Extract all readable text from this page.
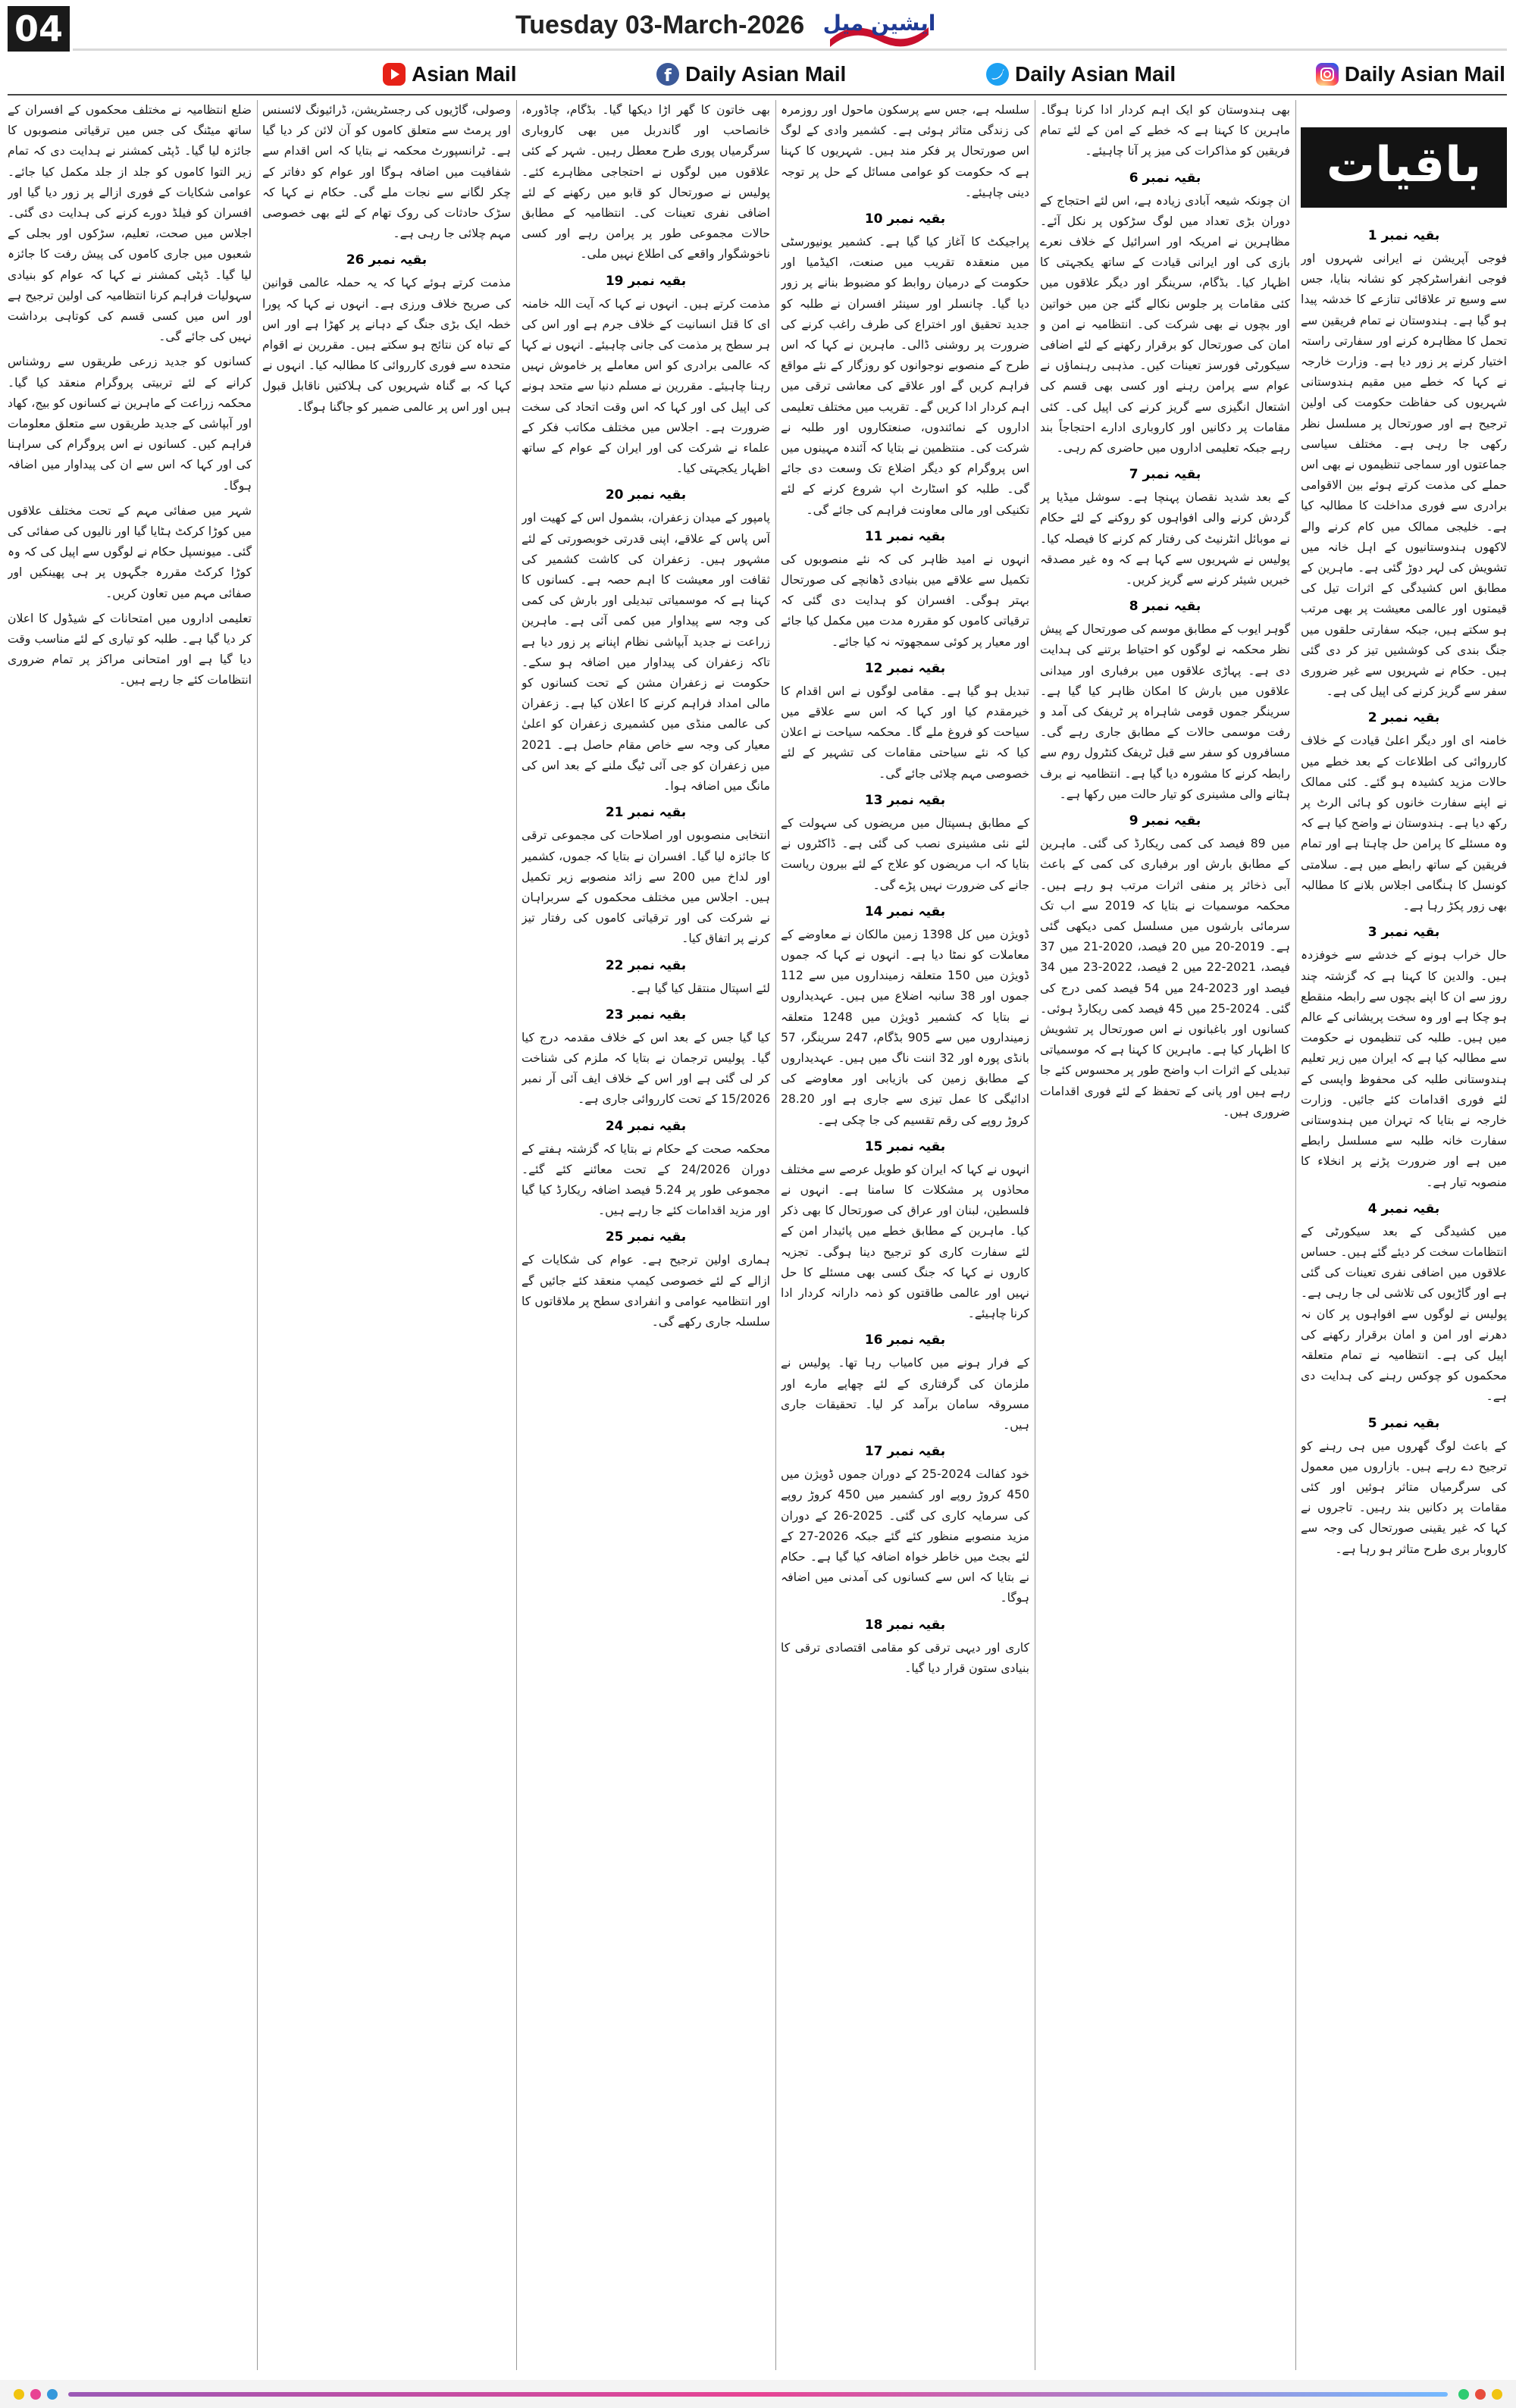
04	Tuesday 03-March-2026 ایشین میل
Asian Mail	f Daily Asian Mail	Daily Asian Mail	Daily Asian Mail
باقیات
بقیہ نمبر 1

فوجی آپریشن نے ایرانی شہروں اور فوجی انفراسٹرکچر کو نشانہ بنایا، جس سے وسیع تر علاقائی تنازعے کا خدشہ پیدا ہو گیا ہے۔ ہندوستان نے تمام فریقین سے تحمل کا مظاہرہ کرنے اور سفارتی راستہ اختیار کرنے پر زور دیا ہے۔ وزارت خارجہ نے کہا کہ خطے میں مقیم ہندوستانی شہریوں کی حفاظت حکومت کی اولین ترجیح ہے اور صورتحال پر مسلسل نظر رکھی جا رہی ہے۔ مختلف سیاسی جماعتوں اور سماجی تنظیموں نے بھی اس حملے کی مذمت کرتے ہوئے بین الاقوامی برادری سے فوری مداخلت کا مطالبہ کیا ہے۔ خلیجی ممالک میں کام کرنے والے لاکھوں ہندوستانیوں کے اہل خانہ میں تشویش کی لہر دوڑ گئی ہے۔ ماہرین کے مطابق اس کشیدگی کے اثرات تیل کی قیمتوں اور عالمی معیشت پر بھی مرتب ہو سکتے ہیں، جبکہ سفارتی حلقوں میں جنگ بندی کی کوششیں تیز کر دی گئی ہیں۔ حکام نے شہریوں سے غیر ضروری سفر سے گریز کرنے کی اپیل کی ہے۔

بقیہ نمبر 2

خامنہ ای اور دیگر اعلیٰ قیادت کے خلاف کارروائی کی اطلاعات کے بعد خطے میں حالات مزید کشیدہ ہو گئے۔ کئی ممالک نے اپنے سفارت خانوں کو ہائی الرٹ پر رکھ دیا ہے۔ ہندوستان نے واضح کیا ہے کہ وہ مسئلے کا پرامن حل چاہتا ہے اور تمام فریقین کے ساتھ رابطے میں ہے۔ سلامتی کونسل کا ہنگامی اجلاس بلانے کا مطالبہ بھی زور پکڑ رہا ہے۔

بقیہ نمبر 3

حال خراب ہونے کے خدشے سے خوفزدہ ہیں۔ والدین کا کہنا ہے کہ گزشتہ چند روز سے ان کا اپنے بچوں سے رابطہ منقطع ہو چکا ہے اور وہ سخت پریشانی کے عالم میں ہیں۔ طلبہ کی تنظیموں نے حکومت سے مطالبہ کیا ہے کہ ایران میں زیر تعلیم ہندوستانی طلبہ کی محفوظ واپسی کے لئے فوری اقدامات کئے جائیں۔ وزارت خارجہ نے بتایا کہ تہران میں ہندوستانی سفارت خانہ طلبہ سے مسلسل رابطے میں ہے اور ضرورت پڑنے پر انخلاء کا منصوبہ تیار ہے۔

بقیہ نمبر 4

میں کشیدگی کے بعد سیکورٹی کے انتظامات سخت کر دیئے گئے ہیں۔ حساس علاقوں میں اضافی نفری تعینات کی گئی ہے اور گاڑیوں کی تلاشی لی جا رہی ہے۔ پولیس نے لوگوں سے افواہوں پر کان نہ دھرنے اور امن و امان برقرار رکھنے کی اپیل کی ہے۔ انتظامیہ نے تمام متعلقہ محکموں کو چوکس رہنے کی ہدایت دی ہے۔

بقیہ نمبر 5

کے باعث لوگ گھروں میں ہی رہنے کو ترجیح دے رہے ہیں۔ بازاروں میں معمول کی سرگرمیاں متاثر ہوئیں اور کئی مقامات پر دکانیں بند رہیں۔ تاجروں نے کہا کہ غیر یقینی صورتحال کی وجہ سے کاروبار بری طرح متاثر ہو رہا ہے۔

بھی ہندوستان کو ایک اہم کردار ادا کرنا ہوگا۔ ماہرین کا کہنا ہے کہ خطے کے امن کے لئے تمام فریقین کو مذاکرات کی میز پر آنا چاہیئے۔

بقیہ نمبر 6

ان چونکہ شیعہ آبادی زیادہ ہے، اس لئے احتجاج کے دوران بڑی تعداد میں لوگ سڑکوں پر نکل آئے۔ مظاہرین نے امریکہ اور اسرائیل کے خلاف نعرے بازی کی اور ایرانی قیادت کے ساتھ یکجہتی کا اظہار کیا۔ بڈگام، سرینگر اور دیگر علاقوں میں کئی مقامات پر جلوس نکالے گئے جن میں خواتین اور بچوں نے بھی شرکت کی۔ انتظامیہ نے امن و امان کی صورتحال کو برقرار رکھنے کے لئے اضافی سیکورٹی فورسز تعینات کیں۔ مذہبی رہنماؤں نے عوام سے پرامن رہنے اور کسی بھی قسم کی اشتعال انگیزی سے گریز کرنے کی اپیل کی۔ کئی مقامات پر دکانیں اور کاروباری ادارے احتجاجاً بند رہے جبکہ تعلیمی اداروں میں حاضری کم رہی۔

بقیہ نمبر 7

کے بعد شدید نقصان پہنچا ہے۔ سوشل میڈیا پر گردش کرنے والی افواہوں کو روکنے کے لئے حکام نے موبائل انٹرنیٹ کی رفتار کم کرنے کا فیصلہ کیا۔ پولیس نے شہریوں سے کہا ہے کہ وہ غیر مصدقہ خبریں شیئر کرنے سے گریز کریں۔

بقیہ نمبر 8

گوہر ایوب کے مطابق موسم کی صورتحال کے پیش نظر محکمہ نے لوگوں کو احتیاط برتنے کی ہدایت دی ہے۔ پہاڑی علاقوں میں برفباری اور میدانی علاقوں میں بارش کا امکان ظاہر کیا گیا ہے۔ سرینگر جموں قومی شاہراہ پر ٹریفک کی آمد و رفت موسمی حالات کے مطابق جاری رہے گی۔ مسافروں کو سفر سے قبل ٹریفک کنٹرول روم سے رابطہ کرنے کا مشورہ دیا گیا ہے۔ انتظامیہ نے برف ہٹانے والی مشینری کو تیار حالت میں رکھا ہے۔

بقیہ نمبر 9

میں 89 فیصد کی کمی ریکارڈ کی گئی۔ ماہرین کے مطابق بارش اور برفباری کی کمی کے باعث آبی ذخائر پر منفی اثرات مرتب ہو رہے ہیں۔ محکمہ موسمیات نے بتایا کہ 2019 سے اب تک سرمائی بارشوں میں مسلسل کمی دیکھی گئی ہے۔ 2019-20 میں 20 فیصد، 2020-21 میں 37 فیصد، 2021-22 میں 2 فیصد، 2022-23 میں 34 فیصد اور 2023-24 میں 54 فیصد کمی درج کی گئی۔ 2024-25 میں 45 فیصد کمی ریکارڈ ہوئی۔ کسانوں اور باغبانوں نے اس صورتحال پر تشویش کا اظہار کیا ہے۔ ماہرین کا کہنا ہے کہ موسمیاتی تبدیلی کے اثرات اب واضح طور پر محسوس کئے جا رہے ہیں اور پانی کے تحفظ کے لئے فوری اقدامات ضروری ہیں۔

سلسلہ ہے، جس سے پرسکون ماحول اور روزمرہ کی زندگی متاثر ہوئی ہے۔ کشمیر وادی کے لوگ اس صورتحال پر فکر مند ہیں۔ شہریوں کا کہنا ہے کہ حکومت کو عوامی مسائل کے حل پر توجہ دینی چاہیئے۔

بقیہ نمبر 10

پراجیکٹ کا آغاز کیا گیا ہے۔ کشمیر یونیورسٹی میں منعقدہ تقریب میں صنعت، اکیڈمیا اور حکومت کے درمیان روابط کو مضبوط بنانے پر زور دیا گیا۔ چانسلر اور سینئر افسران نے طلبہ کو جدید تحقیق اور اختراع کی طرف راغب کرنے کی ضرورت پر روشنی ڈالی۔ ماہرین نے کہا کہ اس طرح کے منصوبے نوجوانوں کو روزگار کے نئے مواقع فراہم کریں گے اور علاقے کی معاشی ترقی میں اہم کردار ادا کریں گے۔ تقریب میں مختلف تعلیمی اداروں کے نمائندوں، صنعتکاروں اور طلبہ نے شرکت کی۔ منتظمین نے بتایا کہ آئندہ مہینوں میں اس پروگرام کو دیگر اضلاع تک وسعت دی جائے گی۔ طلبہ کو اسٹارٹ اپ شروع کرنے کے لئے تکنیکی اور مالی معاونت فراہم کی جائے گی۔

بقیہ نمبر 11

انہوں نے امید ظاہر کی کہ نئے منصوبوں کی تکمیل سے علاقے میں بنیادی ڈھانچے کی صورتحال بہتر ہوگی۔ افسران کو ہدایت دی گئی کہ ترقیاتی کاموں کو مقررہ مدت میں مکمل کیا جائے اور معیار پر کوئی سمجھوتہ نہ کیا جائے۔

بقیہ نمبر 12

تبدیل ہو گیا ہے۔ مقامی لوگوں نے اس اقدام کا خیرمقدم کیا اور کہا کہ اس سے علاقے میں سیاحت کو فروغ ملے گا۔ محکمہ سیاحت نے اعلان کیا کہ نئے سیاحتی مقامات کی تشہیر کے لئے خصوصی مہم چلائی جائے گی۔

بقیہ نمبر 13

کے مطابق ہسپتال میں مریضوں کی سہولت کے لئے نئی مشینری نصب کی گئی ہے۔ ڈاکٹروں نے بتایا کہ اب مریضوں کو علاج کے لئے بیرون ریاست جانے کی ضرورت نہیں پڑے گی۔

بقیہ نمبر 14

ڈویژن میں کل 1398 زمین مالکان نے معاوضے کے معاملات کو نمٹا دیا ہے۔ انہوں نے کہا کہ جموں ڈویژن میں 150 متعلقہ زمینداروں میں سے 112 جموں اور 38 سانبہ اضلاع میں ہیں۔ عہدیداروں نے بتایا کہ کشمیر ڈویژن میں 1248 متعلقہ زمینداروں میں سے 905 بڈگام، 247 سرینگر، 57 بانڈی پورہ اور 32 اننت ناگ میں ہیں۔ عہدیداروں کے مطابق زمین کی بازیابی اور معاوضے کی ادائیگی کا عمل تیزی سے جاری ہے اور 28.20 کروڑ روپے کی رقم تقسیم کی جا چکی ہے۔

بقیہ نمبر 15

انہوں نے کہا کہ ایران کو طویل عرصے سے مختلف محاذوں پر مشکلات کا سامنا ہے۔ انہوں نے فلسطین، لبنان اور عراق کی صورتحال کا بھی ذکر کیا۔ ماہرین کے مطابق خطے میں پائیدار امن کے لئے سفارت کاری کو ترجیح دینا ہوگی۔ تجزیہ کاروں نے کہا کہ جنگ کسی بھی مسئلے کا حل نہیں اور عالمی طاقتوں کو ذمہ دارانہ کردار ادا کرنا چاہیئے۔

بقیہ نمبر 16

کے فرار ہونے میں کامیاب رہا تھا۔ پولیس نے ملزمان کی گرفتاری کے لئے چھاپے مارے اور مسروقہ سامان برآمد کر لیا۔ تحقیقات جاری ہیں۔

بقیہ نمبر 17

خود کفالت 2024-25 کے دوران جموں ڈویژن میں 450 کروڑ روپے اور کشمیر میں 450 کروڑ روپے کی سرمایہ کاری کی گئی۔ 2025-26 کے دوران مزید منصوبے منظور کئے گئے جبکہ 2026-27 کے لئے بجٹ میں خاطر خواہ اضافہ کیا گیا ہے۔ حکام نے بتایا کہ اس سے کسانوں کی آمدنی میں اضافہ ہوگا۔

بقیہ نمبر 18

کاری اور دیہی ترقی کو مقامی اقتصادی ترقی کا بنیادی ستون قرار دیا گیا۔

بھی خاتون کا گھر اڑا دیکھا گیا۔ بڈگام، چاڈورہ، خانصاحب اور گاندربل میں بھی کاروباری سرگرمیاں پوری طرح معطل رہیں۔ شہر کے کئی علاقوں میں لوگوں نے احتجاجی مظاہرے کئے۔ پولیس نے صورتحال کو قابو میں رکھنے کے لئے اضافی نفری تعینات کی۔ انتظامیہ کے مطابق حالات مجموعی طور پر پرامن رہے اور کسی ناخوشگوار واقعے کی اطلاع نہیں ملی۔

بقیہ نمبر 19

مذمت کرتے ہیں۔ انہوں نے کہا کہ آیت اللہ خامنہ ای کا قتل انسانیت کے خلاف جرم ہے اور اس کی ہر سطح پر مذمت کی جانی چاہیئے۔ انہوں نے کہا کہ عالمی برادری کو اس معاملے پر خاموش نہیں رہنا چاہیئے۔ مقررین نے مسلم دنیا سے متحد ہونے کی اپیل کی اور کہا کہ اس وقت اتحاد کی سخت ضرورت ہے۔ اجلاس میں مختلف مکاتب فکر کے علماء نے شرکت کی اور ایران کے عوام کے ساتھ اظہار یکجہتی کیا۔

بقیہ نمبر 20

پامپور کے میدان زعفران، بشمول اس کے کھیت اور آس پاس کے علاقے، اپنی قدرتی خوبصورتی کے لئے مشہور ہیں۔ زعفران کی کاشت کشمیر کی ثقافت اور معیشت کا اہم حصہ ہے۔ کسانوں کا کہنا ہے کہ موسمیاتی تبدیلی اور بارش کی کمی کی وجہ سے پیداوار میں کمی آئی ہے۔ ماہرین زراعت نے جدید آبپاشی نظام اپنانے پر زور دیا ہے تاکہ زعفران کی پیداوار میں اضافہ ہو سکے۔ حکومت نے زعفران مشن کے تحت کسانوں کو مالی امداد فراہم کرنے کا اعلان کیا ہے۔ زعفران کی عالمی منڈی میں کشمیری زعفران کو اعلیٰ معیار کی وجہ سے خاص مقام حاصل ہے۔ 2021 میں زعفران کو جی آئی ٹیگ ملنے کے بعد اس کی مانگ میں اضافہ ہوا۔

بقیہ نمبر 21

انتخابی منصوبوں اور اصلاحات کی مجموعی ترقی کا جائزہ لیا گیا۔ افسران نے بتایا کہ جموں، کشمیر اور لداخ میں 200 سے زائد منصوبے زیر تکمیل ہیں۔ اجلاس میں مختلف محکموں کے سربراہان نے شرکت کی اور ترقیاتی کاموں کی رفتار تیز کرنے پر اتفاق کیا۔

بقیہ نمبر 22

لئے اسپتال منتقل کیا گیا ہے۔

بقیہ نمبر 23

کیا گیا جس کے بعد اس کے خلاف مقدمہ درج کیا گیا۔ پولیس ترجمان نے بتایا کہ ملزم کی شناخت کر لی گئی ہے اور اس کے خلاف ایف آئی آر نمبر 15/2026 کے تحت کارروائی جاری ہے۔

بقیہ نمبر 24

محکمہ صحت کے حکام نے بتایا کہ گزشتہ ہفتے کے دوران 24/2026 کے تحت معائنے کئے گئے۔ مجموعی طور پر 5.24 فیصد اضافہ ریکارڈ کیا گیا اور مزید اقدامات کئے جا رہے ہیں۔

بقیہ نمبر 25

ہماری اولین ترجیح ہے۔ عوام کی شکایات کے ازالے کے لئے خصوصی کیمپ منعقد کئے جائیں گے اور انتظامیہ عوامی و انفرادی سطح پر ملاقاتوں کا سلسلہ جاری رکھے گی۔

وصولی، گاڑیوں کی رجسٹریشن، ڈرائیونگ لائسنس اور پرمٹ سے متعلق کاموں کو آن لائن کر دیا گیا ہے۔ ٹرانسپورٹ محکمہ نے بتایا کہ اس اقدام سے شفافیت میں اضافہ ہوگا اور عوام کو دفاتر کے چکر لگانے سے نجات ملے گی۔ حکام نے کہا کہ سڑک حادثات کی روک تھام کے لئے بھی خصوصی مہم چلائی جا رہی ہے۔

بقیہ نمبر 26

مذمت کرتے ہوئے کہا کہ یہ حملہ عالمی قوانین کی صریح خلاف ورزی ہے۔ انہوں نے کہا کہ پورا خطہ ایک بڑی جنگ کے دہانے پر کھڑا ہے اور اس کے تباہ کن نتائج ہو سکتے ہیں۔ مقررین نے اقوام متحدہ سے فوری کارروائی کا مطالبہ کیا۔ انہوں نے کہا کہ بے گناہ شہریوں کی ہلاکتیں ناقابل قبول ہیں اور اس پر عالمی ضمیر کو جاگنا ہوگا۔

ضلع انتظامیہ نے مختلف محکموں کے افسران کے ساتھ میٹنگ کی جس میں ترقیاتی منصوبوں کا جائزہ لیا گیا۔ ڈپٹی کمشنر نے ہدایت دی کہ تمام زیر التوا کاموں کو جلد از جلد مکمل کیا جائے۔ عوامی شکایات کے فوری ازالے پر زور دیا گیا اور افسران کو فیلڈ دورے کرنے کی ہدایت دی گئی۔ اجلاس میں صحت، تعلیم، سڑکوں اور بجلی کے شعبوں میں جاری کاموں کی پیش رفت کا جائزہ لیا گیا۔ ڈپٹی کمشنر نے کہا کہ عوام کو بنیادی سہولیات فراہم کرنا انتظامیہ کی اولین ترجیح ہے اور اس میں کسی قسم کی کوتاہی برداشت نہیں کی جائے گی۔

کسانوں کو جدید زرعی طریقوں سے روشناس کرانے کے لئے تربیتی پروگرام منعقد کیا گیا۔ محکمہ زراعت کے ماہرین نے کسانوں کو بیج، کھاد اور آبپاشی کے جدید طریقوں سے متعلق معلومات فراہم کیں۔ کسانوں نے اس پروگرام کی سراہنا کی اور کہا کہ اس سے ان کی پیداوار میں اضافہ ہوگا۔

شہر میں صفائی مہم کے تحت مختلف علاقوں میں کوڑا کرکٹ ہٹایا گیا اور نالیوں کی صفائی کی گئی۔ میونسپل حکام نے لوگوں سے اپیل کی کہ وہ کوڑا کرکٹ مقررہ جگہوں پر ہی پھینکیں اور صفائی مہم میں تعاون کریں۔

تعلیمی اداروں میں امتحانات کے شیڈول کا اعلان کر دیا گیا ہے۔ طلبہ کو تیاری کے لئے مناسب وقت دیا گیا ہے اور امتحانی مراکز پر تمام ضروری انتظامات کئے جا رہے ہیں۔
